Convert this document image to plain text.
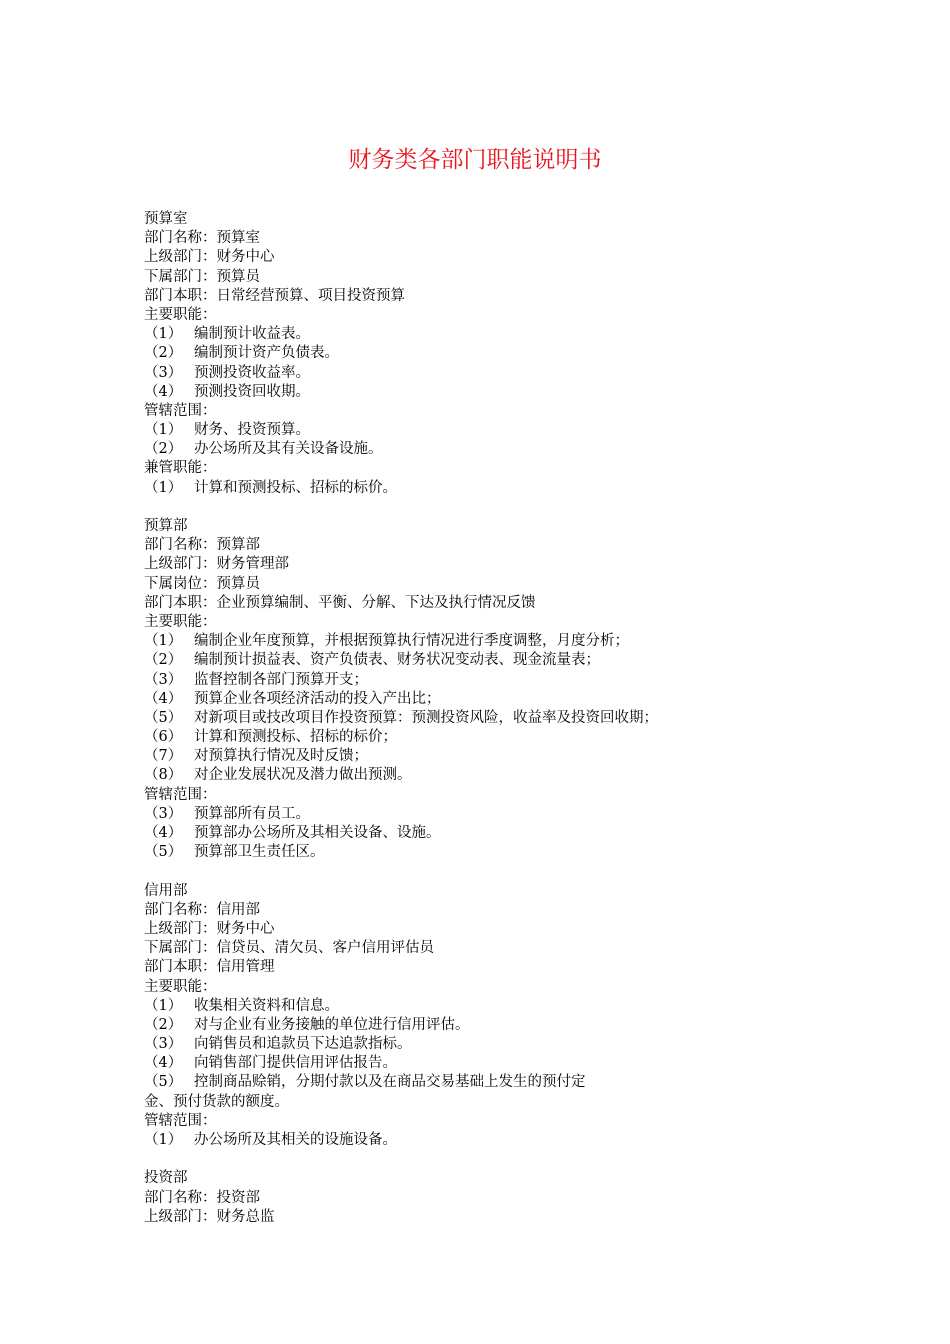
财务类各部门职能说明书
预算室
部门名称：预算室
上级部门：财务中心
下属部门：预算员
部门本职：日常经营预算、项目投资预算
主要职能：
（1） 编制预计收益表。
（2） 编制预计资产负债表。
（3） 预测投资收益率。
（4） 预测投资回收期。
管辖范围：
（1） 财务、投资预算。
（2） 办公场所及其有关设备设施。
兼管职能：
（1） 计算和预测投标、招标的标价。
预算部
部门名称：预算部
上级部门：财务管理部
下属岗位：预算员
部门本职：企业预算编制、平衡、分解、下达及执行情况反馈
主要职能：
（1） 编制企业年度预算，并根据预算执行情况进行季度调整，月度分析；
（2） 编制预计损益表、资产负债表、财务状况变动表、现金流量表；
（3） 监督控制各部门预算开支；
（4） 预算企业各项经济活动的投入产出比；
（5） 对新项目或技改项目作投资预算：预测投资风险，收益率及投资回收期；
（6） 计算和预测投标、招标的标价；
（7） 对预算执行情况及时反馈；
（8） 对企业发展状况及潜力做出预测。
管辖范围：
（3） 预算部所有员工。
（4） 预算部办公场所及其相关设备、设施。
（5） 预算部卫生责任区。
信用部
部门名称：信用部
上级部门：财务中心
下属部门：信贷员、清欠员、客户信用评估员
部门本职：信用管理
主要职能：
（1） 收集相关资料和信息。
（2） 对与企业有业务接触的单位进行信用评估。
（3） 向销售员和追款员下达追款指标。
（4） 向销售部门提供信用评估报告。
（5） 控制商品赊销，分期付款以及在商品交易基础上发生的预付定
金、预付货款的额度。
管辖范围：
（1） 办公场所及其相关的设施设备。
投资部
部门名称：投资部
上级部门：财务总监
